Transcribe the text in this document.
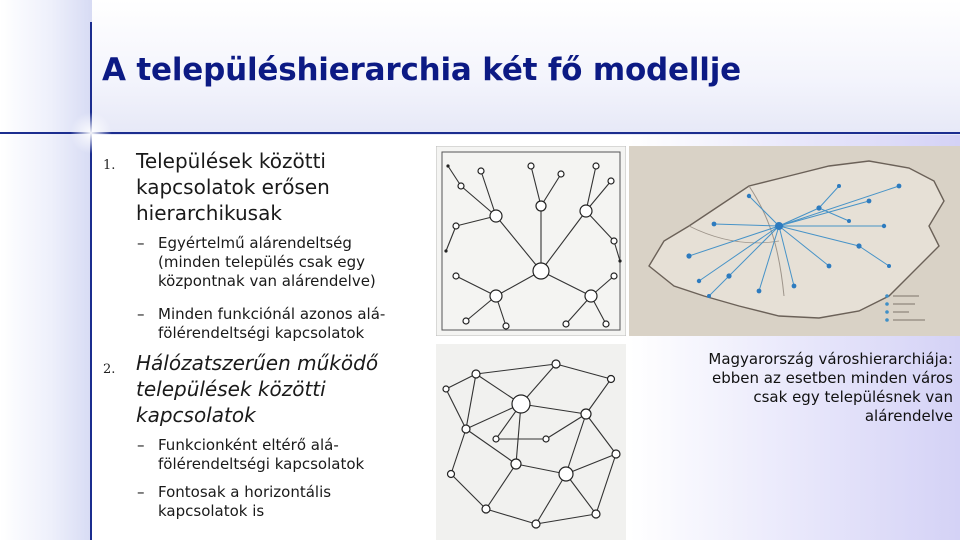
A településhierarchia két fő modellje
1. Települések közötti
kapcsolatok erősen
hierarchikusak
– Egyértelmű alárendeltség
(minden település csak egy
központnak van alárendelve)
– Minden funkciónál azonos alá-
fölérendeltségi kapcsolatok
2. Hálózatszerűen működő
települések közötti
kapcsolatok
– Funkcionként eltérő alá-
fölérendeltségi kapcsolatok
– Fontosak a horizontális
kapcsolatok is
Magyarország városhierarchiája:
ebben az esetben minden város
csak egy településnek van
alárendelve
